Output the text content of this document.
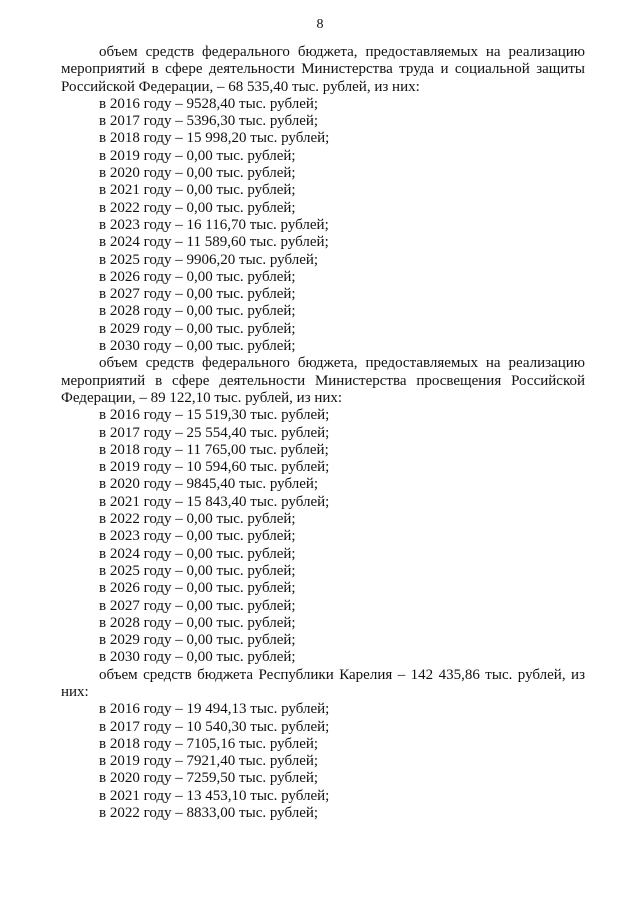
8

объем средств федерального бюджета, предоставляемых на реализацию мероприятий в сфере деятельности Министерства труда и социальной защиты Российской Федерации, – 68 535,40 тыс. рублей, из них:

в 2016 году – 9528,40 тыс. рублей;
в 2017 году – 5396,30 тыс. рублей;
в 2018 году – 15 998,20 тыс. рублей;
в 2019 году – 0,00 тыс. рублей;
в 2020 году – 0,00 тыс. рублей;
в 2021 году – 0,00 тыс. рублей;
в 2022 году – 0,00 тыс. рублей;
в 2023 году – 16 116,70 тыс. рублей;
в 2024 году – 11 589,60 тыс. рублей;
в 2025 году – 9906,20 тыс. рублей;
в 2026 году – 0,00 тыс. рублей;
в 2027 году – 0,00 тыс. рублей;
в 2028 году – 0,00 тыс. рублей;
в 2029 году – 0,00 тыс. рублей;
в 2030 году – 0,00 тыс. рублей;

объем средств федерального бюджета, предоставляемых на реализацию мероприятий в сфере деятельности Министерства просвещения Российской Федерации, – 89 122,10 тыс. рублей, из них:

в 2016 году – 15 519,30 тыс. рублей;
в 2017 году – 25 554,40 тыс. рублей;
в 2018 году – 11 765,00 тыс. рублей;
в 2019 году – 10 594,60 тыс. рублей;
в 2020 году – 9845,40 тыс. рублей;
в 2021 году – 15 843,40 тыс. рублей;
в 2022 году – 0,00 тыс. рублей;
в 2023 году – 0,00 тыс. рублей;
в 2024 году – 0,00 тыс. рублей;
в 2025 году – 0,00 тыс. рублей;
в 2026 году – 0,00 тыс. рублей;
в 2027 году – 0,00 тыс. рублей;
в 2028 году – 0,00 тыс. рублей;
в 2029 году – 0,00 тыс. рублей;
в 2030 году – 0,00 тыс. рублей;

объем средств бюджета Республики Карелия – 142 435,86 тыс. рублей, из них:

в 2016 году – 19 494,13 тыс. рублей;
в 2017 году – 10 540,30 тыс. рублей;
в 2018 году – 7105,16 тыс. рублей;
в 2019 году – 7921,40 тыс. рублей;
в 2020 году – 7259,50 тыс. рублей;
в 2021 году – 13 453,10 тыс. рублей;
в 2022 году – 8833,00 тыс. рублей;
